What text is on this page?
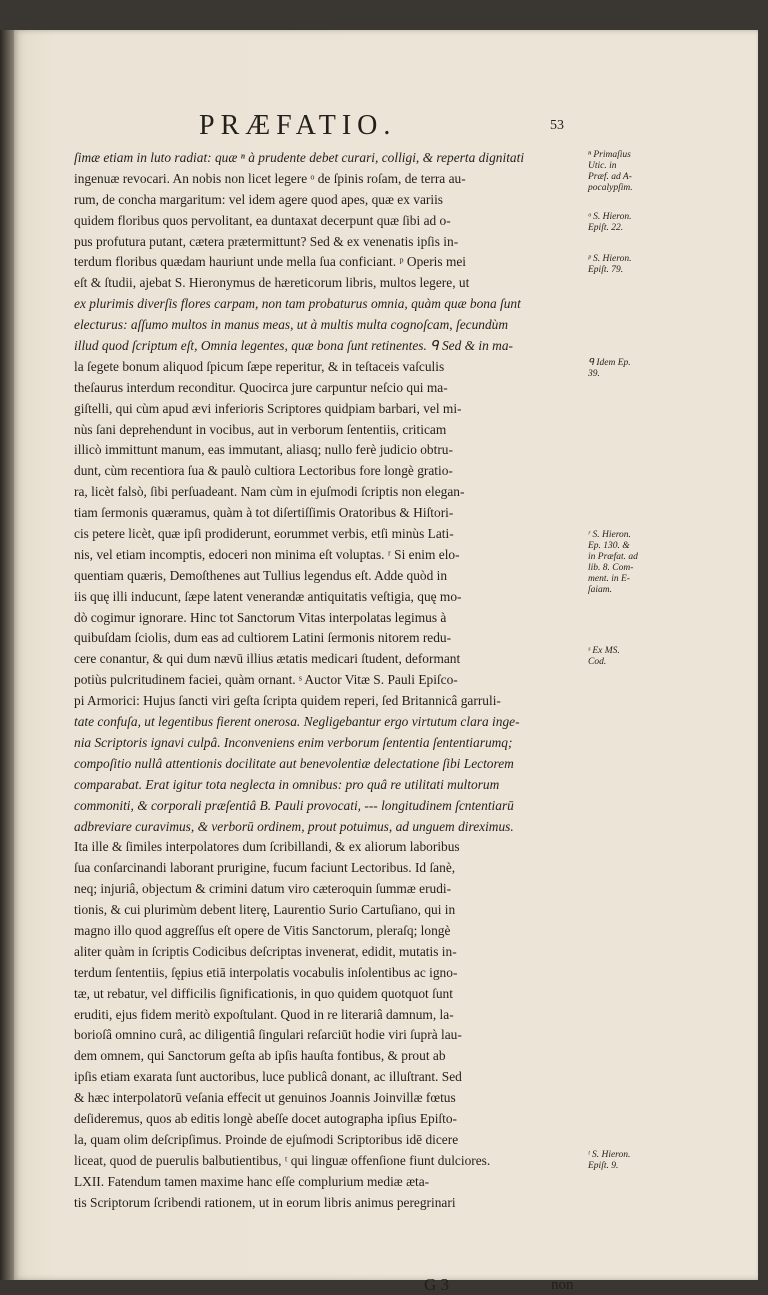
PRÆFATIO.	53
ſimæ etiam in luto radiat: quæ ⁿ à prudente debet curari, colligi, & reperta dignitati
ingenuæ revocari. An nobis non licet legere ᵒ de ſpinis roſam, de terra au-
rum, de concha margaritum: vel idem agere quod apes, quæ ex variis
quidem floribus quos pervolitant, ea duntaxat decerpunt quæ ſibi ad o-
pus profutura putant, cætera prætermittunt? Sed & ex venenatis ipſis in-
terdum floribus quædam hauriunt unde mella ſua conficiant. ᵖ Operis mei
eſt & ſtudii, ajebat S. Hieronymus de hæreticorum libris, multos legere, ut
ex plurimis diverſis flores carpam, non tam probaturus omnia, quàm quæ bona ſunt
electurus: aſſumo multos in manus meas, ut à multis multa cognoſcam, ſecundùm
illud quod ſcriptum eſt, Omnia legentes, quæ bona ſunt retinentes. ᑫ Sed & in ma-
la ſegete bonum aliquod ſpicum ſæpe reperitur, & in teſtaceis vaſculis
theſaurus interdum reconditur. Quocirca jure carpuntur neſcio qui ma-
giſtelli, qui cùm apud ævi inferioris Scriptores quidpiam barbari, vel mi-
nùs ſani deprehendunt in vocibus, aut in verborum ſententiis, criticam
illicò immittunt manum, eas immutant, aliasq; nullo ferè judicio obtru-
dunt, cùm recentiora ſua & paulò cultiora Lectoribus fore longè gratio-
ra, licèt falsò, ſibi perſuadeant. Nam cùm in ejuſmodi ſcriptis non elegan-
tiam ſermonis quæramus, quàm à tot diſertiſſimis Oratoribus & Hiſtori-
cis petere licèt, quæ ipſi prodiderunt, eorummet verbis, etſi minùs Lati-
nis, vel etiam incomptis, edoceri non minima eſt voluptas. ʳ Si enim elo-
quentiam quæris, Demoſthenes aut Tullius legendus eſt. Adde quòd in
iis quę illi inducunt, ſæpe latent venerandæ antiquitatis veſtigia, quę mo-
dò cogimur ignorare. Hinc tot Sanctorum Vitas interpolatas legimus à
quibuſdam ſciolis, dum eas ad cultiorem Latini ſermonis nitorem redu-
cere conantur, & qui dum nævū illius ætatis medicari ſtudent, deformant
potiùs pulcritudinem faciei, quàm ornant. ˢ Auctor Vitæ S. Pauli Epiſco-
pi Armorici: Hujus ſancti viri geſta ſcripta quidem reperi, ſed Britannicâ garruli-
tate confuſa, ut legentibus fierent onerosa. Negligebantur ergo virtutum clara inge-
nia Scriptoris ignavi culpâ. Inconveniens enim verborum ſententia ſententiarumq;
compoſitio nullâ attentionis docilitate aut benevolentiæ delectatione ſibi Lectorem
comparabat. Erat igitur tota neglecta in omnibus: pro quâ re utilitati multorum
commoniti, & corporali præſentiâ B. Pauli provocati, --- longitudinem ſcntentiarū
adbreviare curavimus, & verborū ordinem, prout potuimus, ad unguem direximus.
Ita ille & ſimiles interpolatores dum ſcribillandi, & ex aliorum laboribus
ſua conſarcinandi laborant prurigine, fucum faciunt Lectoribus. Id ſanè,
neq; injuriâ, objectum & crimini datum viro cæteroquin ſummæ erudi-
tionis, & cui plurimùm debent literę, Laurentio Surio Cartuſiano, qui in
magno illo quod aggreſſus eſt opere de Vitis Sanctorum, pleraſq; longè
aliter quàm in ſcriptis Codicibus deſcriptas invenerat, edidit, mutatis in-
terdum ſententiis, ſępius etiā interpolatis vocabulis inſolentibus ac igno-
tæ, ut rebatur, vel difficilis ſignificationis, in quo quidem quotquot ſunt
eruditi, ejus fidem meritò expoſtulant. Quod in re literariâ damnum, la-
borioſâ omnino curâ, ac diligentiâ ſingulari reſarciūt hodie viri ſuprà lau-
dem omnem, qui Sanctorum geſta ab ipſis hauſta fontibus, & prout ab
ipſis etiam exarata ſunt auctoribus, luce publicâ donant, ac illuſtrant. Sed
& hæc interpolatorū veſania effecit ut genuinos Joannis Joinvillæ fœtus
deſideremus, quos ab editis longè abeſſe docet autographa ipſius Epiſto-
la, quam olim deſcripſimus. Proinde de ejuſmodi Scriptoribus idē dicere
liceat, quod de puerulis balbutientibus, ᵗ qui linguæ offenſione fiunt dulciores.
LXII. Fatendum tamen maxime hanc eſſe complurium mediæ æta-
tis Scriptorum ſcribendi rationem, ut in eorum libris animus peregrinari
ⁿ Primaſius
Utic. in
Præf. ad A-
pocalypſim.
ᵒ S. Hieron.
Epiſt. 22.
ᵖ S. Hieron.
Epiſt. 79.
ᑫ Idem Ep.
39.
ʳ S. Hieron.
Ep. 130. &
in Præfat. ad
lib. 8. Com-
ment. in E-
ſaiam.
ˢ Ex MS.
Cod.
ᵗ S. Hieron.
Epiſt. 9.
G 3	non
